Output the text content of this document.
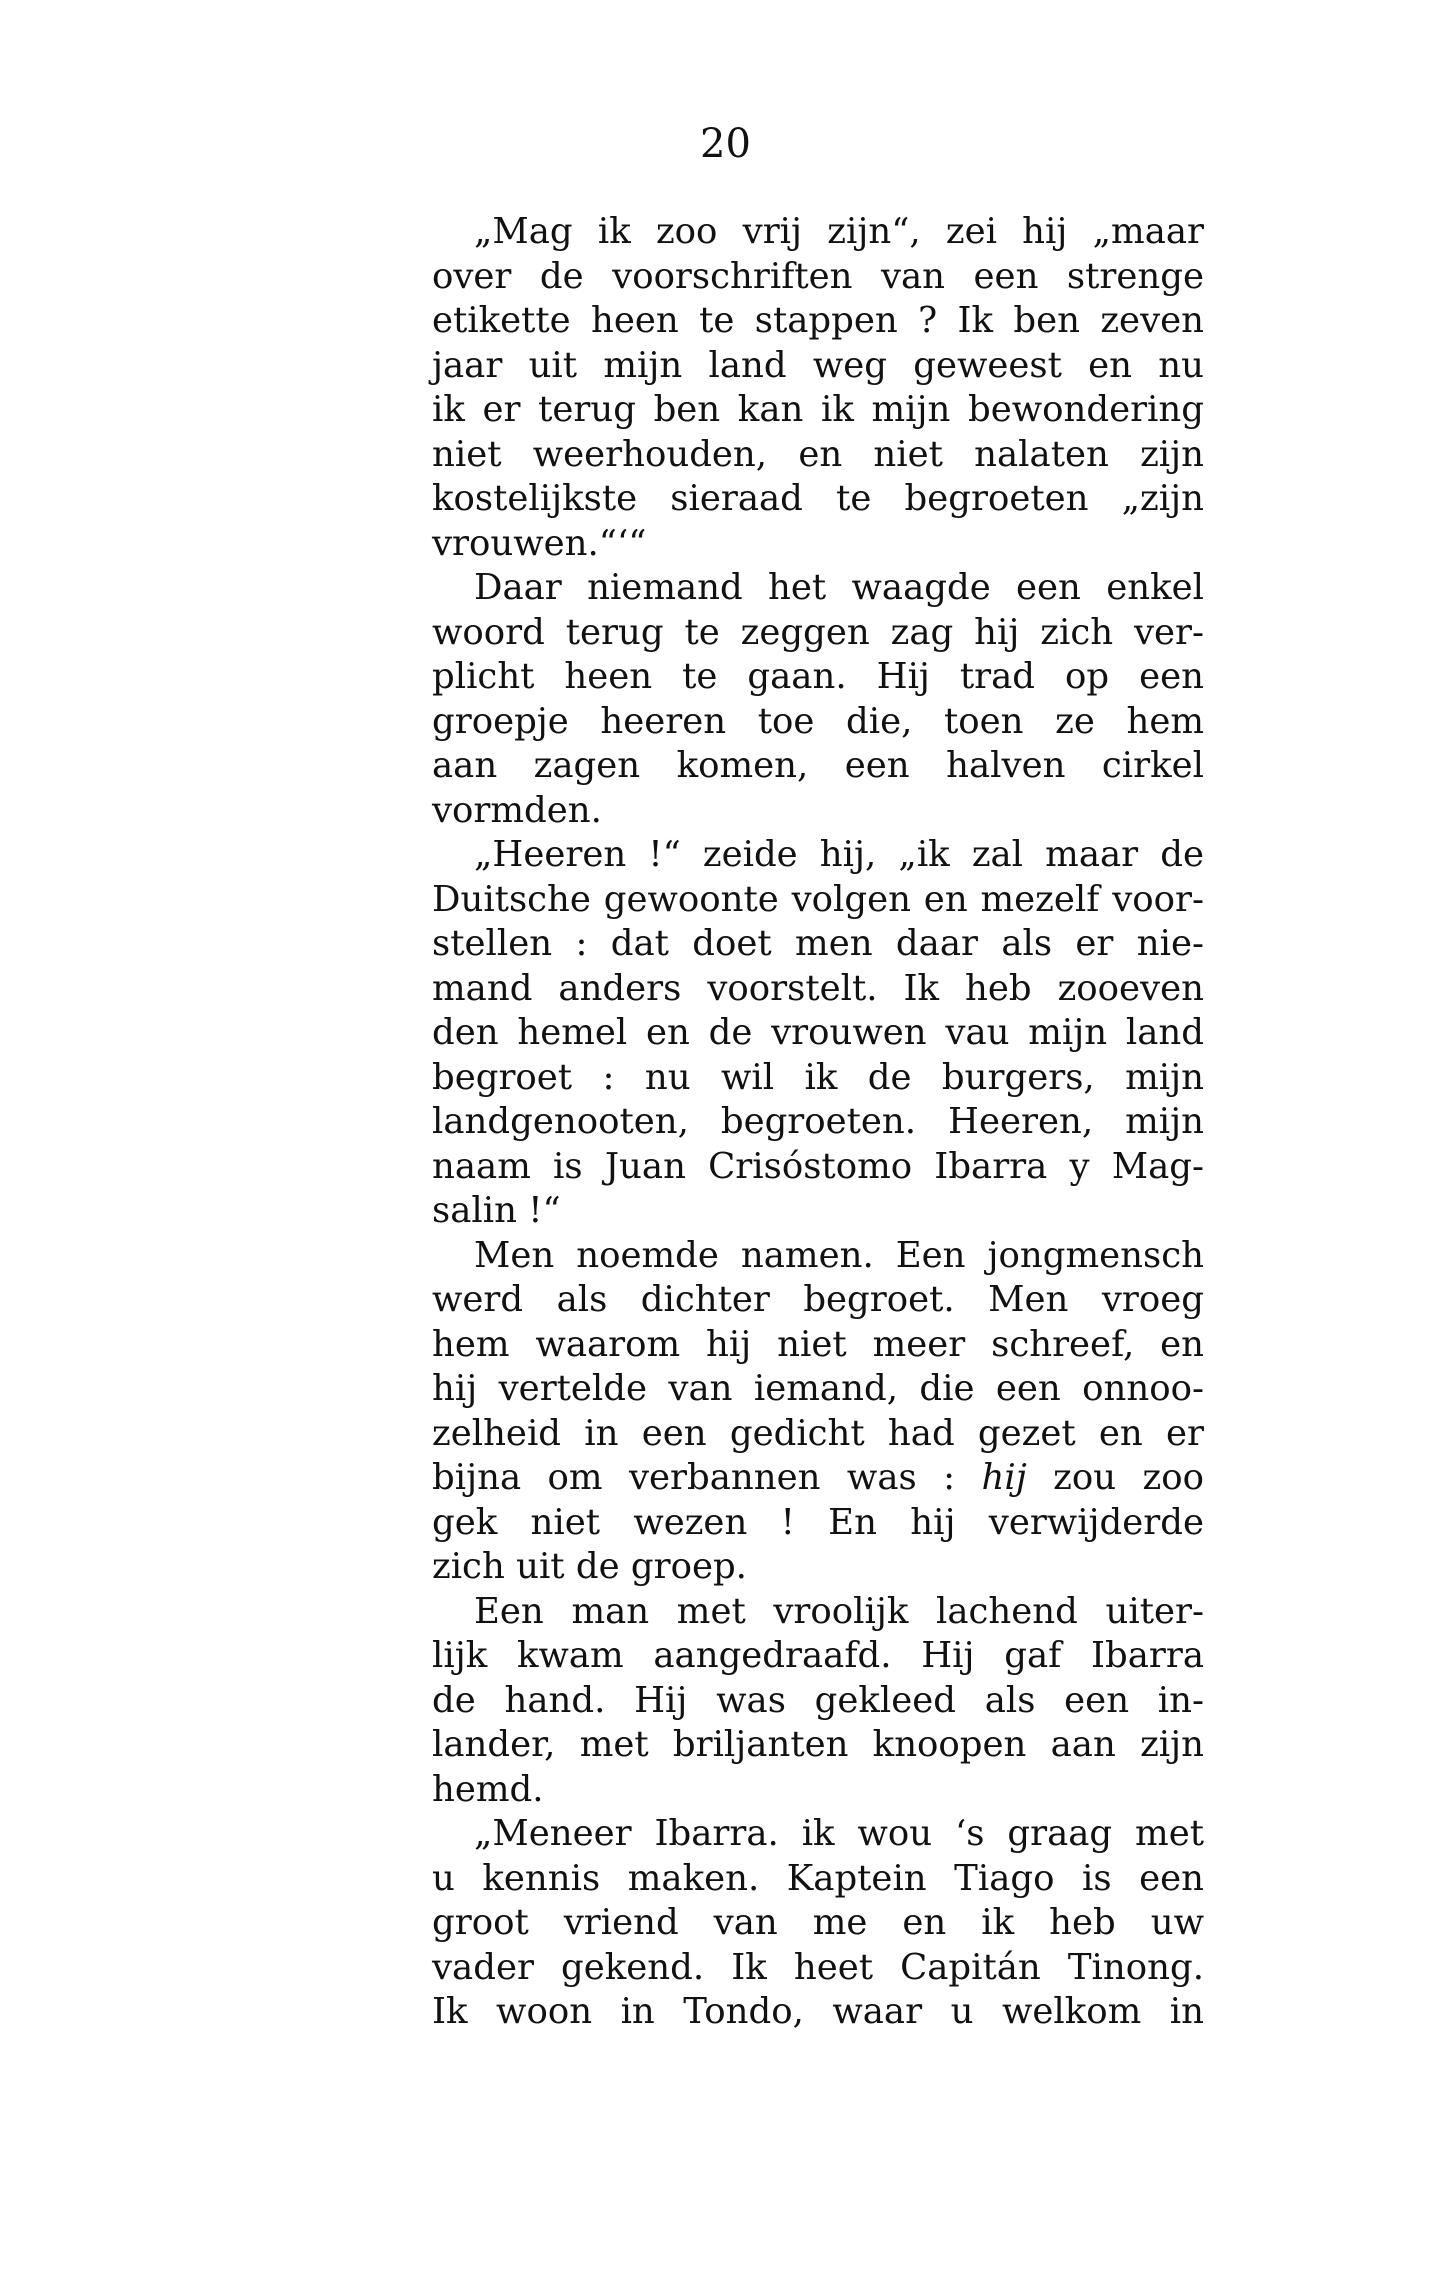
20
„Mag ik zoo vrij zijn“, zei hij „maar
over de voorschriften van een strenge
etikette heen te stappen ? Ik ben zeven
jaar uit mijn land weg geweest en nu
ik er terug ben kan ik mijn bewondering
niet weerhouden, en niet nalaten zijn
kostelijkste sieraad te begroeten „zijn
vrouwen.“‘“
Daar niemand het waagde een enkel
woord terug te zeggen zag hij zich ver-
plicht heen te gaan. Hij trad op een
groepje heeren toe die, toen ze hem
aan zagen komen, een halven cirkel
vormden.
„Heeren !“ zeide hij, „ik zal maar de
Duitsche gewoonte volgen en mezelf voor-
stellen : dat doet men daar als er nie-
mand anders voorstelt. Ik heb zooeven
den hemel en de vrouwen vau mijn land
begroet : nu wil ik de burgers, mijn
landgenooten, begroeten. Heeren, mijn
naam is Juan Crisóstomo Ibarra y Mag-
salin !“
Men noemde namen. Een jongmensch
werd als dichter begroet. Men vroeg
hem waarom hij niet meer schreef, en
hij vertelde van iemand, die een onnoo-
zelheid in een gedicht had gezet en er
bijna om verbannen was : hij zou zoo
gek niet wezen ! En hij verwijderde
zich uit de groep.
Een man met vroolijk lachend uiter-
lijk kwam aangedraafd. Hij gaf Ibarra
de hand. Hij was gekleed als een in-
lander, met briljanten knoopen aan zijn
hemd.
„Meneer Ibarra. ik wou ‘s graag met
u kennis maken. Kaptein Tiago is een
groot vriend van me en ik heb uw
vader gekend. Ik heet Capitán Tinong.
Ik woon in Tondo, waar u welkom in
